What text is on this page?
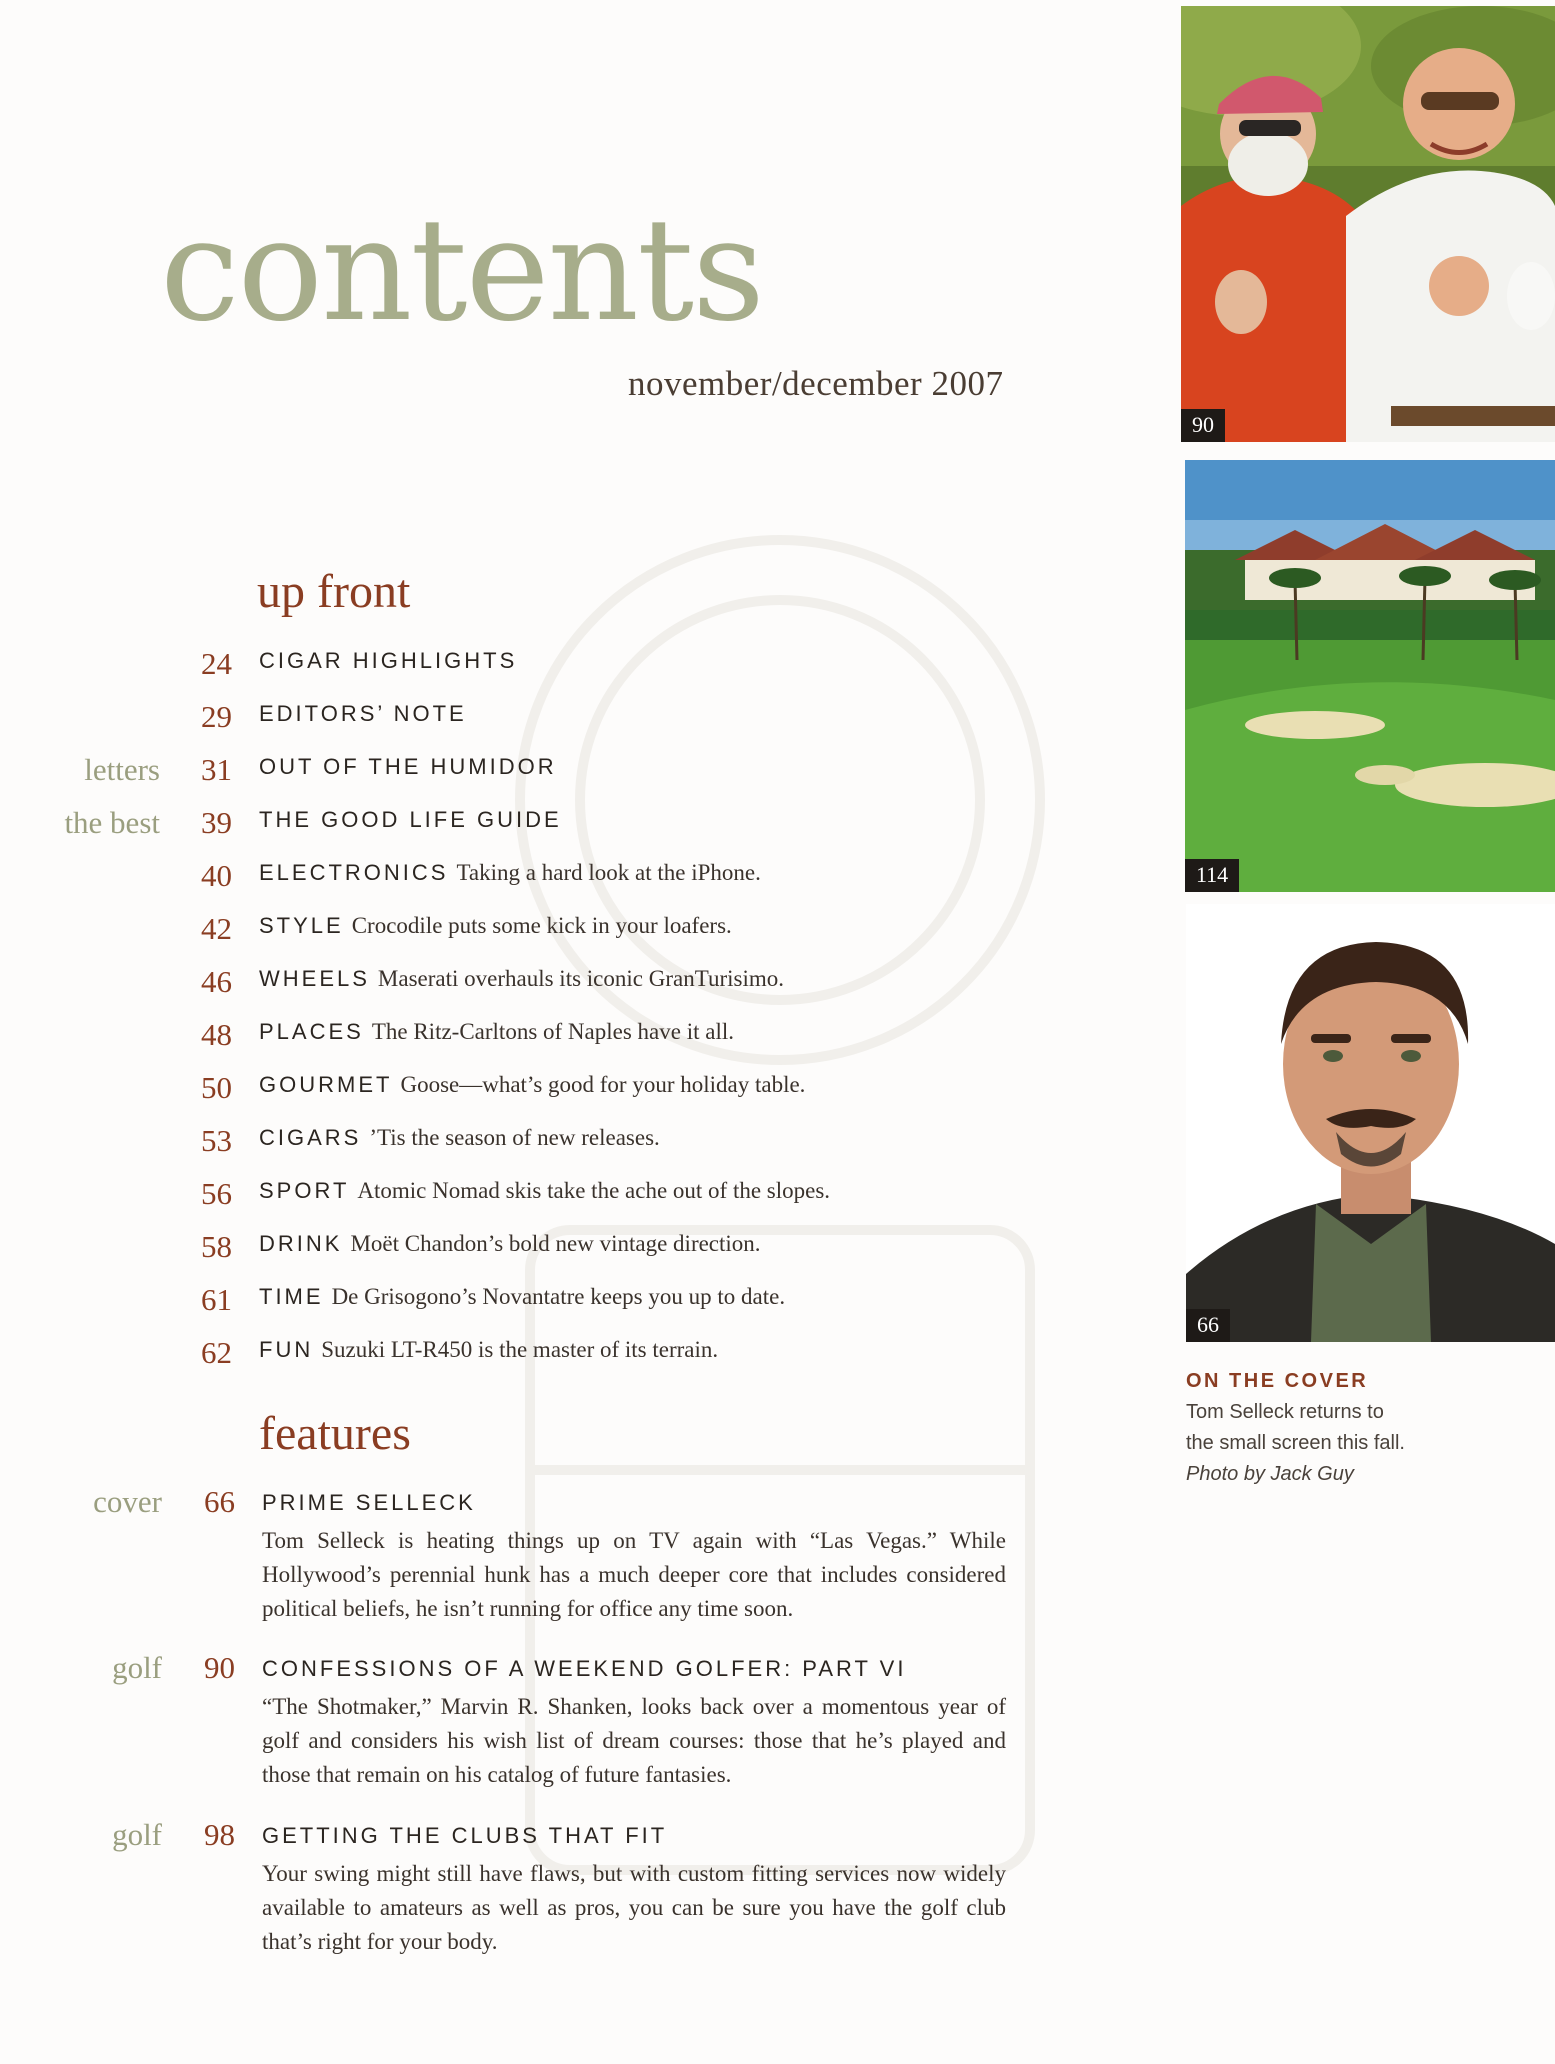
contents
november/december 2007
up front
24 CIGAR HIGHLIGHTS
29 EDITORS’ NOTE
letters 31 OUT OF THE HUMIDOR
the best 39 THE GOOD LIFE GUIDE
40 ELECTRONICS Taking a hard look at the iPhone.
42 STYLE Crocodile puts some kick in your loafers.
46 WHEELS Maserati overhauls its iconic GranTurisimo.
48 PLACES The Ritz-Carltons of Naples have it all.
50 GOURMET Goose—what’s good for your holiday table.
53 CIGARS ’Tis the season of new releases.
56 SPORT Atomic Nomad skis take the ache out of the slopes.
58 DRINK Moët Chandon’s bold new vintage direction.
61 TIME De Grisogono’s Novantatre keeps you up to date.
62 FUN Suzuki LT-R450 is the master of its terrain.
features
cover 66 PRIME SELLECK
Tom Selleck is heating things up on TV again with “Las Vegas.” While Hollywood’s perennial hunk has a much deeper core that includes considered political beliefs, he isn’t running for office any time soon.
golf 90 CONFESSIONS OF A WEEKEND GOLFER: PART VI
“The Shotmaker,” Marvin R. Shanken, looks back over a momentous year of golf and considers his wish list of dream courses: those that he’s played and those that remain on his catalog of future fantasies.
golf 98 GETTING THE CLUBS THAT FIT
Your swing might still have flaws, but with custom fitting services now widely available to amateurs as well as pros, you can be sure you have the golf club that’s right for your body.
90
114
66
ON THE COVER
Tom Selleck returns to
the small screen this fall.
Photo by Jack Guy
